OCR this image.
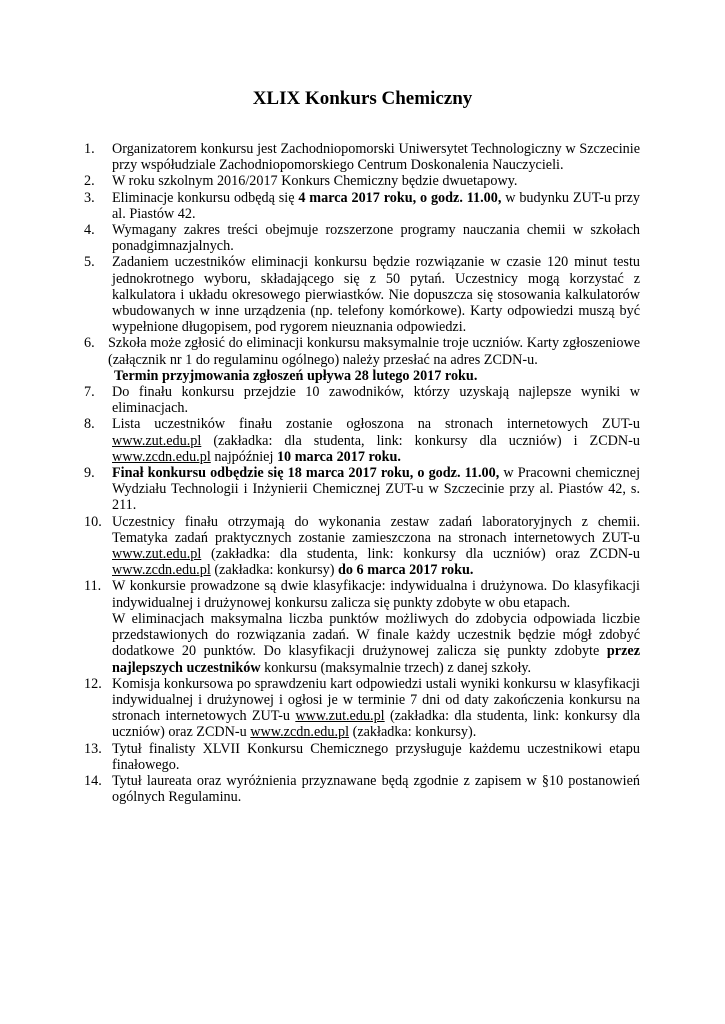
XLIX Konkurs Chemiczny
1.	Organizatorem konkursu jest Zachodniopomorski Uniwersytet Technologiczny w Szczecinie przy współudziale Zachodniopomorskiego Centrum Doskonalenia Nauczycieli.
2.	W roku szkolnym 2016/2017 Konkurs Chemiczny będzie dwuetapowy.
3.	Eliminacje konkursu odbędą się 4 marca 2017 roku, o godz. 11.00, w budynku ZUT-u przy al. Piastów 42.
4.	Wymagany zakres treści obejmuje rozszerzone programy nauczania chemii w szkołach ponadgimnazjalnych.
5.	Zadaniem uczestników eliminacji konkursu będzie rozwiązanie w czasie 120 minut testu jednokrotnego wyboru, składającego się z 50 pytań. Uczestnicy mogą korzystać z kalkulatora i układu okresowego pierwiastków. Nie dopuszcza się stosowania kalkulatorów wbudowanych w inne urządzenia (np. telefony komórkowe). Karty odpowiedzi muszą być wypełnione długopisem, pod rygorem nieuznania odpowiedzi.
6. Szkoła może zgłosić do eliminacji konkursu maksymalnie troje uczniów. Karty zgłoszeniowe (załącznik nr 1 do regulaminu ogólnego) należy przesłać na adres ZCDN-u.
Termin przyjmowania zgłoszeń upływa 28 lutego 2017 roku.
7.	Do finału konkursu przejdzie 10 zawodników, którzy uzyskają najlepsze wyniki w eliminacjach.
8.	Lista uczestników finału zostanie ogłoszona na stronach internetowych ZUT-u www.zut.edu.pl (zakładka: dla studenta, link: konkursy dla uczniów) i ZCDN-u www.zcdn.edu.pl najpóźniej 10 marca 2017 roku.
9.	Finał konkursu odbędzie się 18 marca 2017 roku, o godz. 11.00, w Pracowni chemicznej Wydziału Technologii i Inżynierii Chemicznej ZUT-u w Szczecinie przy al. Piastów 42, s. 211.
10. Uczestnicy finału otrzymają do wykonania zestaw zadań laboratoryjnych z chemii. Tematyka zadań praktycznych zostanie zamieszczona na stronach internetowych ZUT-u www.zut.edu.pl (zakładka: dla studenta, link: konkursy dla uczniów) oraz ZCDN-u www.zcdn.edu.pl (zakładka: konkursy) do 6 marca 2017 roku.
11. W konkursie prowadzone są dwie klasyfikacje: indywidualna i drużynowa. Do klasyfikacji indywidualnej i drużynowej konkursu zalicza się punkty zdobyte w obu etapach.
W eliminacjach maksymalna liczba punktów możliwych do zdobycia odpowiada liczbie przedstawionych do rozwiązania zadań. W finale każdy uczestnik będzie mógł zdobyć dodatkowe 20 punktów. Do klasyfikacji drużynowej zalicza się punkty zdobyte przez najlepszych uczestników konkursu (maksymalnie trzech) z danej szkoły.
12. Komisja konkursowa po sprawdzeniu kart odpowiedzi ustali wyniki konkursu w klasyfikacji indywidualnej i drużynowej i ogłosi je w terminie 7 dni od daty zakończenia konkursu na stronach internetowych ZUT-u www.zut.edu.pl (zakładka: dla studenta, link: konkursy dla uczniów) oraz ZCDN-u www.zcdn.edu.pl (zakładka: konkursy).
13. Tytuł finalisty XLVII Konkursu Chemicznego przysługuje każdemu uczestnikowi etapu finałowego.
14. Tytuł laureata oraz wyróżnienia przyznawane będą zgodnie z zapisem w §10 postanowień ogólnych Regulaminu.
